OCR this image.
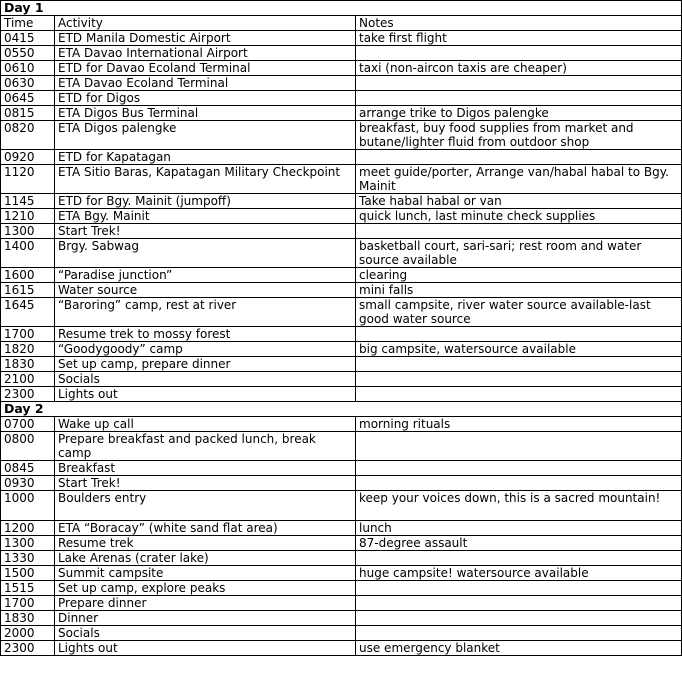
Day 1		
Time	Activity	Notes
0415	ETD Manila Domestic Airport	take first flight
0550	ETA Davao International Airport	
0610	ETD for Davao Ecoland Terminal	taxi (non-aircon taxis are cheaper)
0630	ETA Davao Ecoland Terminal	
0645	ETD for Digos	
0815	ETA Digos Bus Terminal	arrange trike to Digos palengke
0820	ETA Digos palengke	breakfast, buy food supplies from market and butane/lighter fluid from outdoor shop
0920	ETD for Kapatagan	
1120	ETA Sitio Baras, Kapatagan Military Checkpoint	meet guide/porter, Arrange van/habal habal to Bgy. Mainit
1145	ETD for Bgy. Mainit (jumpoff)	Take habal habal or van
1210	ETA Bgy. Mainit	quick lunch, last minute check supplies
1300	Start Trek!	
1400	Brgy. Sabwag	basketball court, sari-sari; rest room and water source available
1600	“Paradise junction”	clearing
1615	Water source	mini falls
1645	“Baroring” camp, rest at river	small campsite, river water source available-last good water source
1700	Resume trek to mossy forest	
1820	“Goodygoody” camp	big campsite, watersource available
1830	Set up camp, prepare dinner	
2100	Socials	
2300	Lights out	
Day 2		
0700	Wake up call	morning rituals
0800	Prepare breakfast and packed lunch, break camp	
0845	Breakfast	
0930	Start Trek!	
1000	Boulders entry	keep your voices down, this is a sacred mountain!
1200	ETA “Boracay” (white sand flat area)	lunch
1300	Resume trek	87-degree assault
1330	Lake Arenas (crater lake)	
1500	Summit campsite	huge campsite! watersource available
1515	Set up camp, explore peaks	
1700	Prepare dinner	
1830	Dinner	
2000	Socials	
2300	Lights out	use emergency blanket
